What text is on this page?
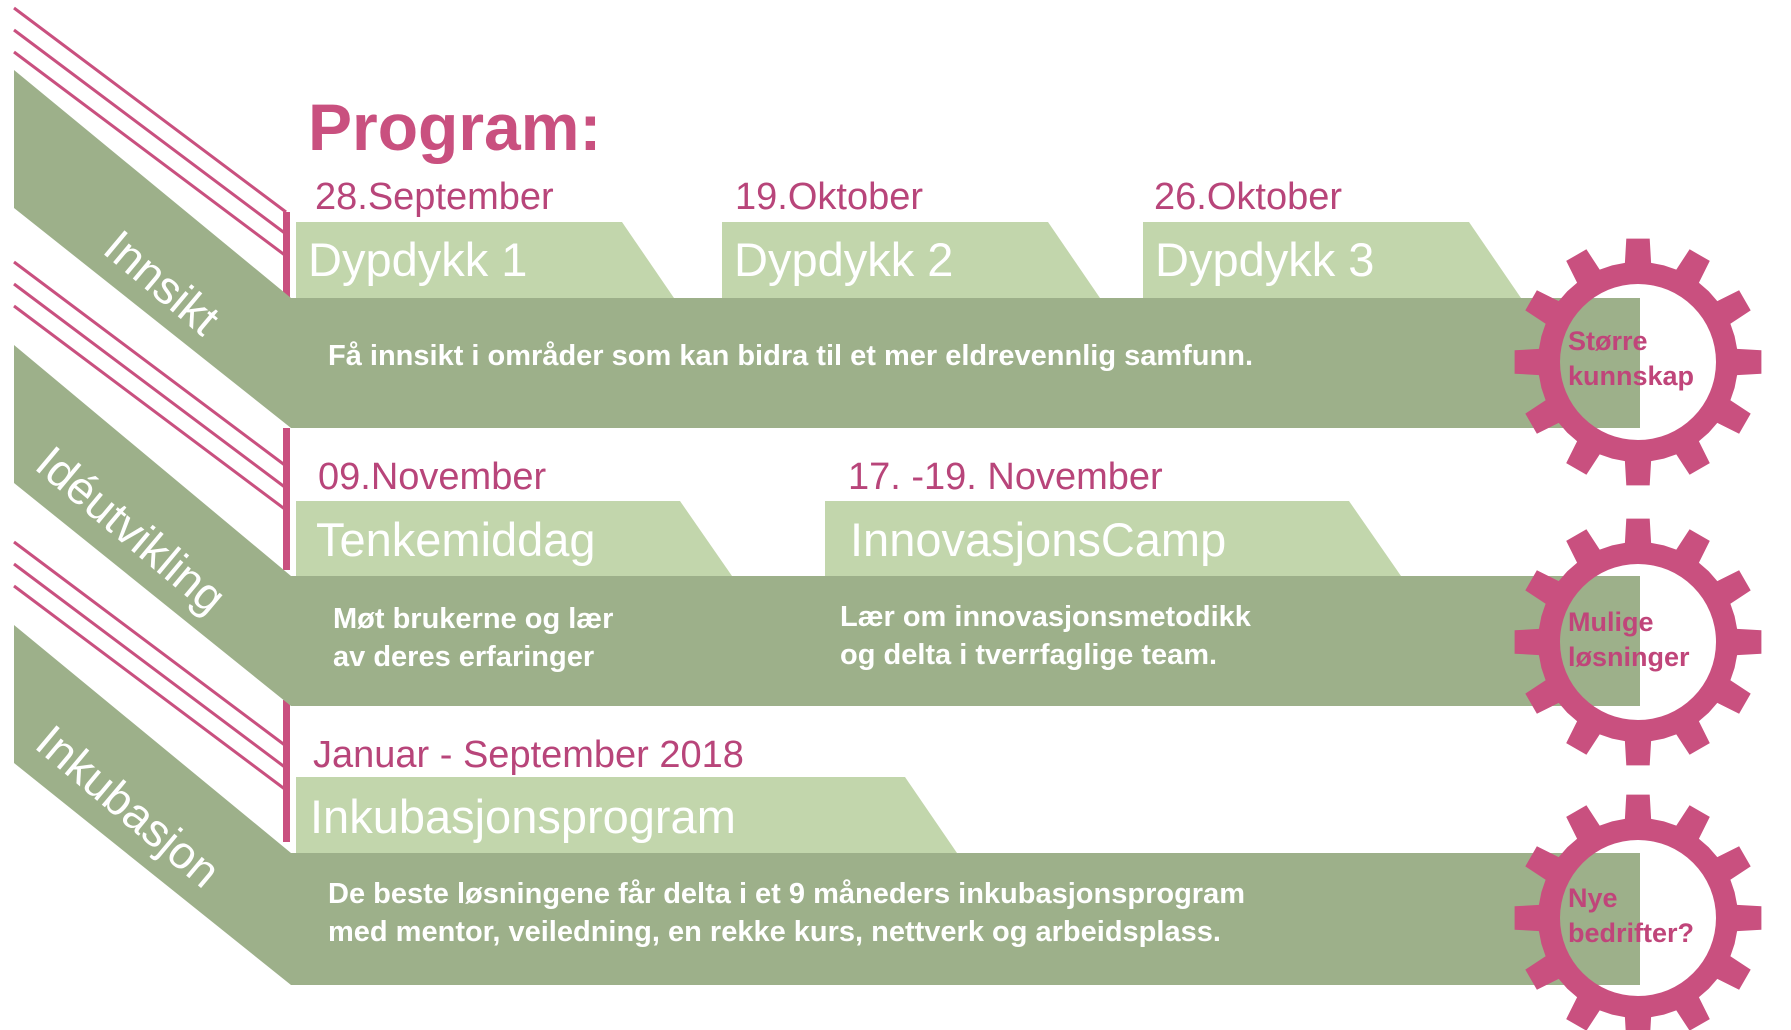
Program:
Innsikt
Idéutvikling
Inkubasjon
28.September	19.Oktober	26.Oktober
Dypdykk 1	Dypdykk 2	Dypdykk 3
Få innsikt i områder som kan bidra til et mer eldrevennlig samfunn.
09.November	17. -19. November
Tenkemiddag	InnovasjonsCamp
Møt brukerne og lær
av deres erfaringer
Lær om innovasjonsmetodikk
og delta i tverrfaglige team.
Januar - September 2018
Inkubasjonsprogram
De beste løsningene får delta i et 9 måneders inkubasjonsprogram
med mentor, veiledning, en rekke kurs, nettverk og arbeidsplass.
Større
kunnskap
Mulige
løsninger
Nye
bedrifter?
